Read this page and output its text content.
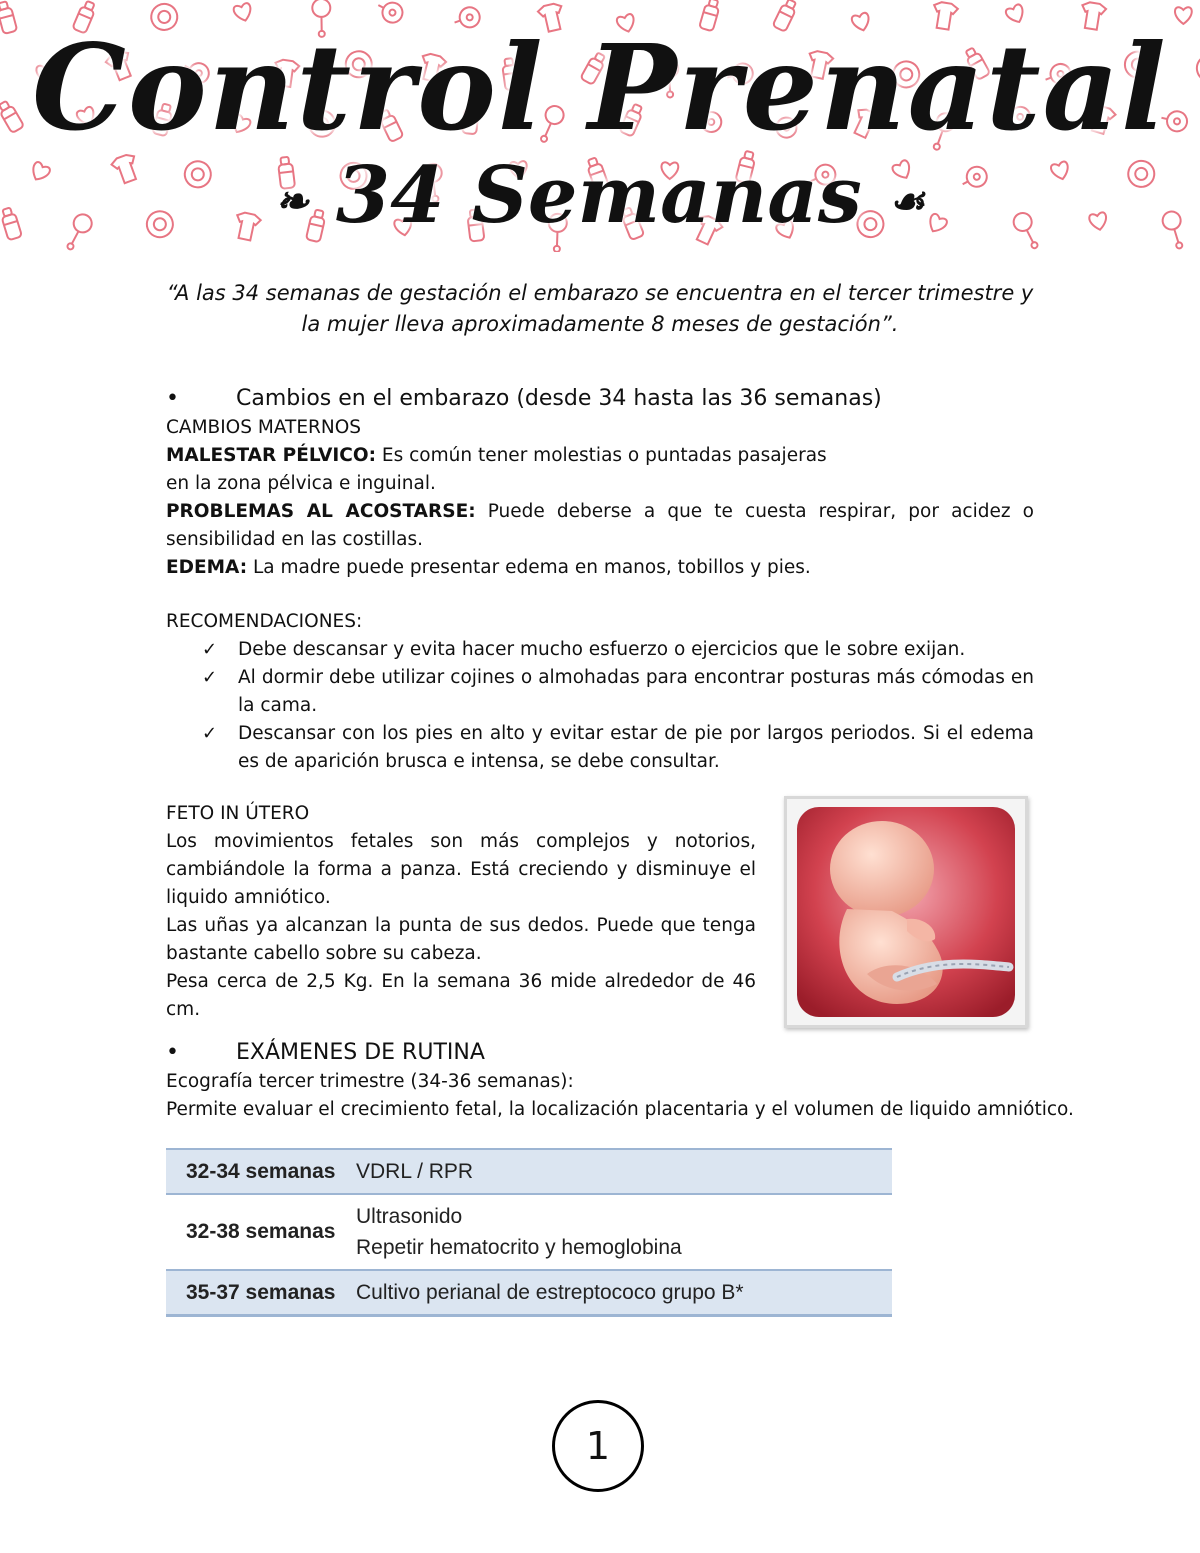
Control Prenatal
❧ 34 Semanas ☙

“A las 34 semanas de gestación el embarazo se encuentra en el tercer trimestre y la mujer lleva aproximadamente 8 meses de gestación”.

•	Cambios en el embarazo (desde 34 hasta las 36 semanas)
CAMBIOS MATERNOS
MALESTAR PÉLVICO: Es común tener molestias o puntadas pasajeras
en la zona pélvica e inguinal.
PROBLEMAS AL ACOSTARSE: Puede deberse a que te cuesta respirar, por acidez o sensibilidad en las costillas.
EDEMA: La madre puede presentar edema en manos, tobillos y pies.
RECOMENDACIONES:
✓ Debe descansar y evita hacer mucho esfuerzo o ejercicios que le sobre exijan.
✓ Al dormir debe utilizar cojines o almohadas para encontrar posturas más cómodas en la cama.
✓ Descansar con los pies en alto y evitar estar de pie por largos periodos. Si el edema es de aparición brusca e intensa, se debe consultar.
FETO IN ÚTERO
Los movimientos fetales son más complejos y notorios, cambiándole la forma a panza. Está creciendo y disminuye el liquido amniótico.
Las uñas ya alcanzan la punta de sus dedos. Puede que tenga bastante cabello sobre su cabeza.
Pesa cerca de 2,5 Kg. En la semana 36 mide alrededor de 46 cm.
•	EXÁMENES DE RUTINA
Ecografía tercer trimestre (34-36 semanas):
Permite evaluar el crecimiento fetal, la localización placentaria y el volumen de liquido amniótico.
32-34 semanas	VDRL / RPR

32-38 semanas	Ultrasonido
Repetir hematocrito y hemoglobina

35-37 semanas	Cultivo perianal de estreptococo grupo B*
1
